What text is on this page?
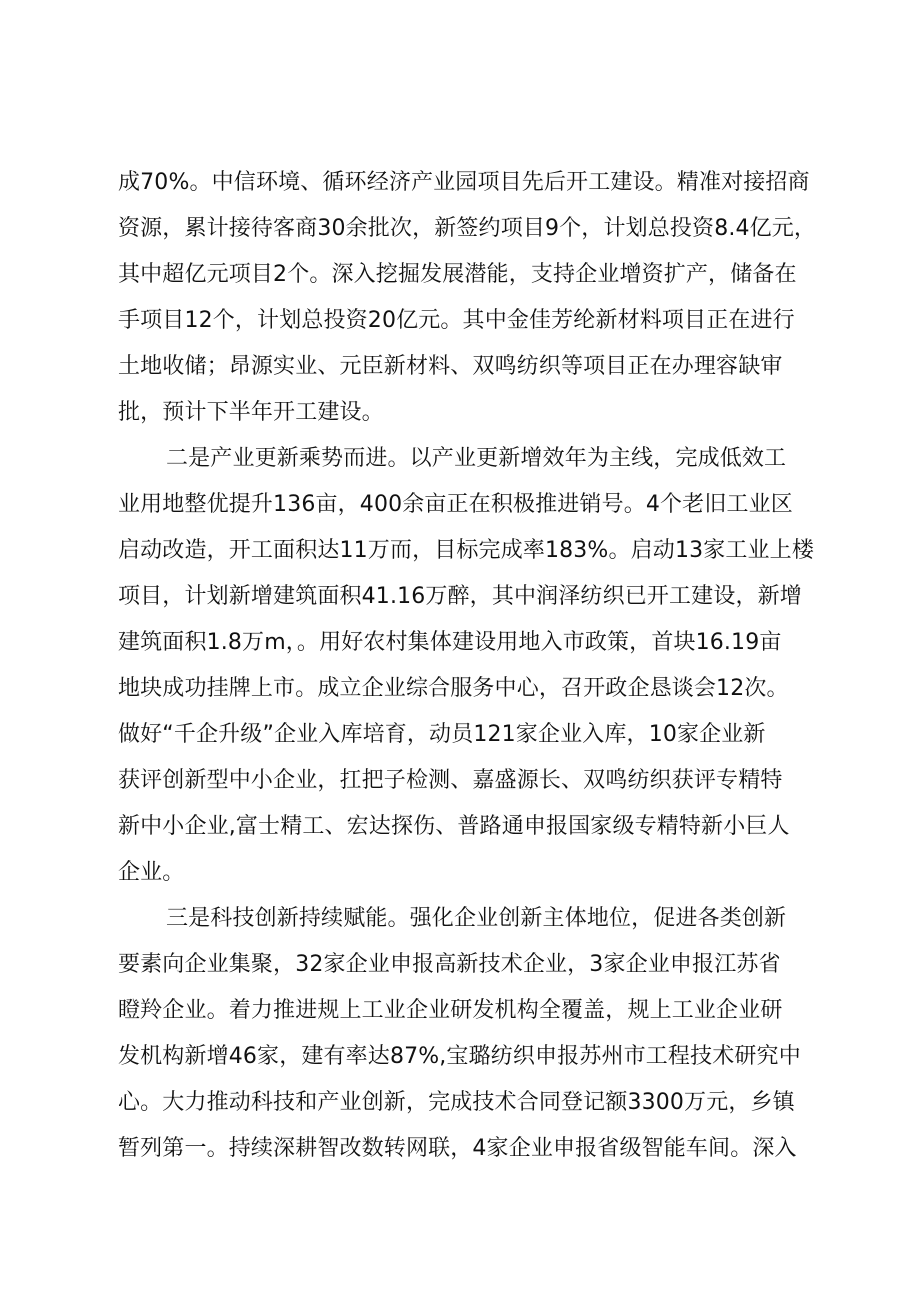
成70%。中信环境、循环经济产业园项目先后开工建设。精准对接招商
资源，累计接待客商30余批次，新签约项目9个，计划总投资8.4亿元，
其中超亿元项目2个。深入挖掘发展潜能，支持企业增资扩产，储备在
手项目12个，计划总投资20亿元。其中金佳芳纶新材料项目正在进行
土地收储；昂源实业、元臣新材料、双鸣纺织等项目正在办理容缺审
批，预计下半年开工建设。
二是产业更新乘势而进。以产业更新增效年为主线，完成低效工
业用地整优提升136亩，400余亩正在积极推进销号。4个老旧工业区
启动改造，开工面积达11万而，目标完成率183%。启动13家工业上楼
项目，计划新增建筑面积41.16万醉，其中润泽纺织已开工建设，新增
建筑面积1.8万m，。用好农村集体建设用地入市政策，首块16.19亩
地块成功挂牌上市。成立企业综合服务中心，召开政企恳谈会12次。
做好“千企升级”企业入库培育，动员121家企业入库，10家企业新
获评创新型中小企业，扛把子检测、嘉盛源长、双鸣纺织获评专精特
新中小企业,富士精工、宏达探伤、普路通申报国家级专精特新小巨人
企业。
三是科技创新持续赋能。强化企业创新主体地位，促进各类创新
要素向企业集聚，32家企业申报高新技术企业，3家企业申报江苏省
瞪羚企业。着力推进规上工业企业研发机构全覆盖，规上工业企业研
发机构新增46家，建有率达87%,宝璐纺织申报苏州市工程技术研究中
心。大力推动科技和产业创新，完成技术合同登记额3300万元，乡镇
暂列第一。持续深耕智改数转网联，4家企业申报省级智能车间。深入
